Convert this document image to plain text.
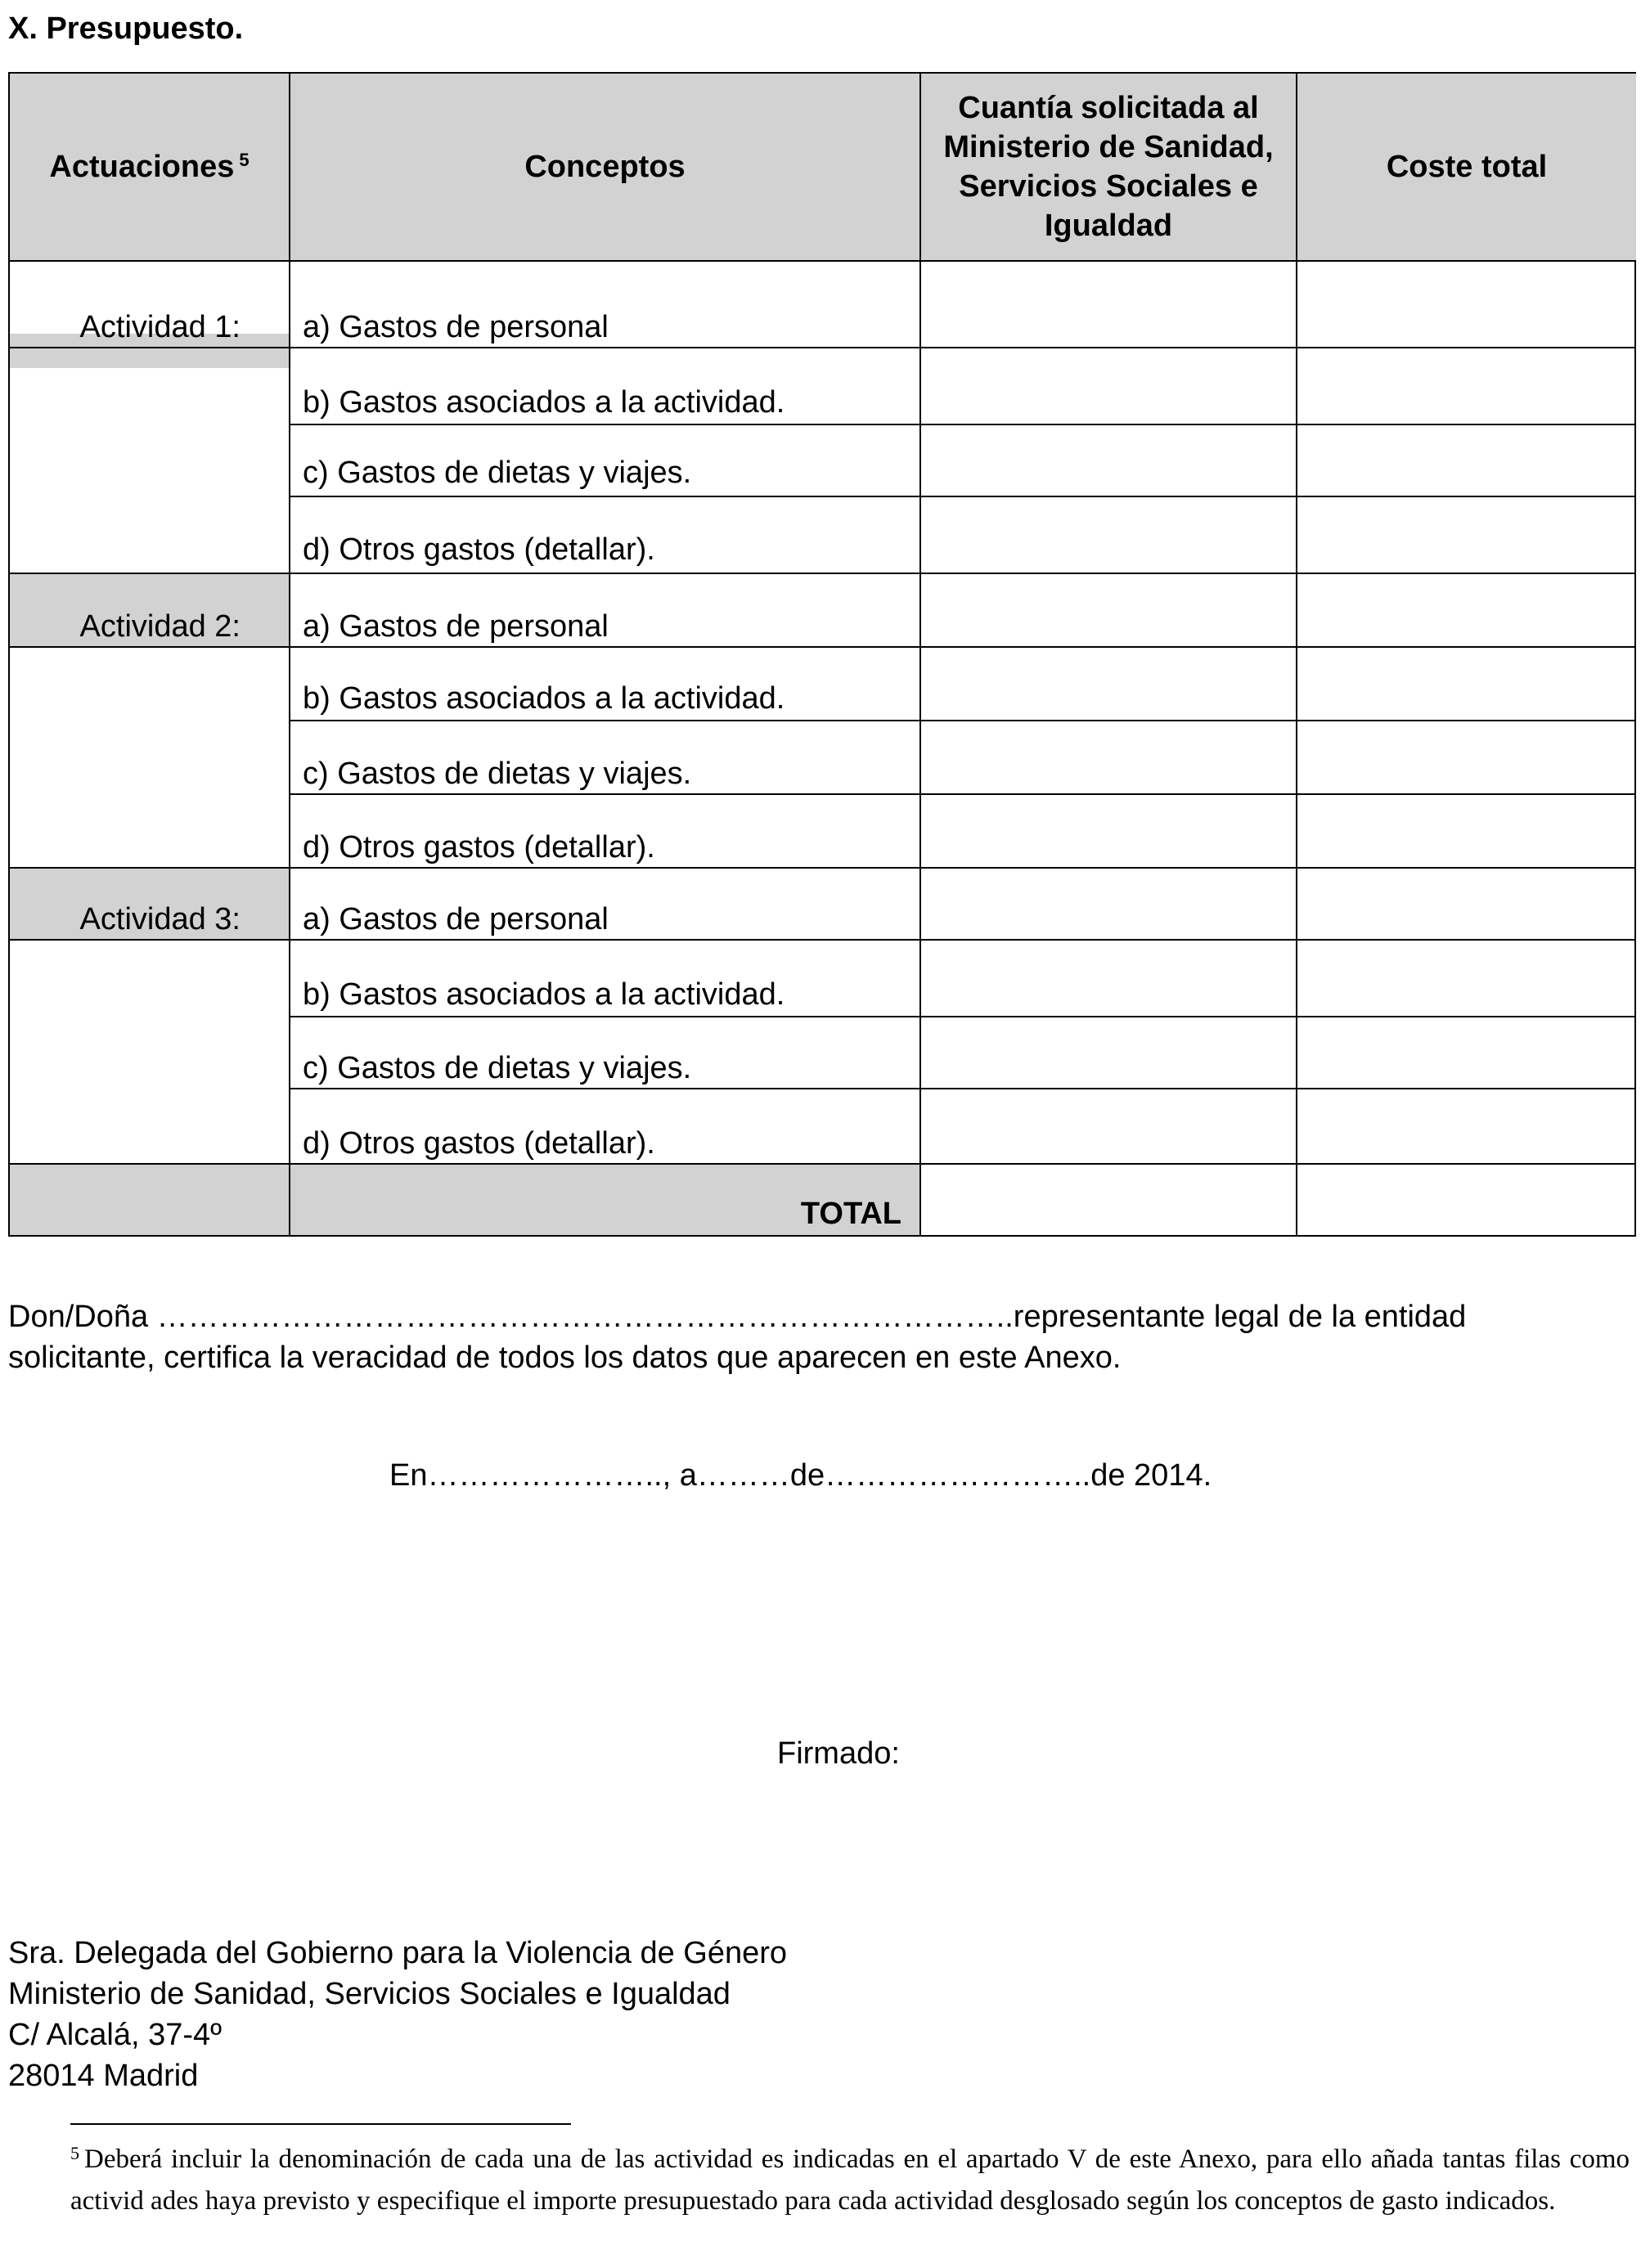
X. Presupuesto.
Actuaciones $^5$	Conceptos
Cuantía solicitada al Ministerio de Sanidad, Servicios Sociales e Igualdad
Coste total
Actividad 1:
Actividad 2:
Actividad 3:
a) Gastos de personal
b) Gastos asociados a la actividad.
c) Gastos de dietas y viajes.
d) Otros gastos (detallar).
a) Gastos de personal
b) Gastos asociados a la actividad.
c) Gastos de dietas y viajes.
d) Otros gastos (detallar).
a) Gastos de personal
b) Gastos asociados a la actividad.
c) Gastos de dietas y viajes.
d) Otros gastos (detallar).
TOTAL
Don/Doña ………………………………………………………………………..representante legal de la entidad
solicitante, certifica la veracidad de todos los datos que aparecen en este Anexo.
En………………….., a………de……………………..de 2014.
Firmado:
Sra. Delegada del Gobierno para la Violencia de Género
Ministerio de Sanidad, Servicios Sociales e Igualdad
C/ Alcalá, 37-4º
28014 Madrid
$^5$ Deberá incluir la denominación de cada una de las actividad es indicadas en el apartado V de este Anexo, para ello añada tantas filas como activid ades haya previsto y especifique el importe presupuestado para cada actividad desglosado según los conceptos de gasto indicados.
